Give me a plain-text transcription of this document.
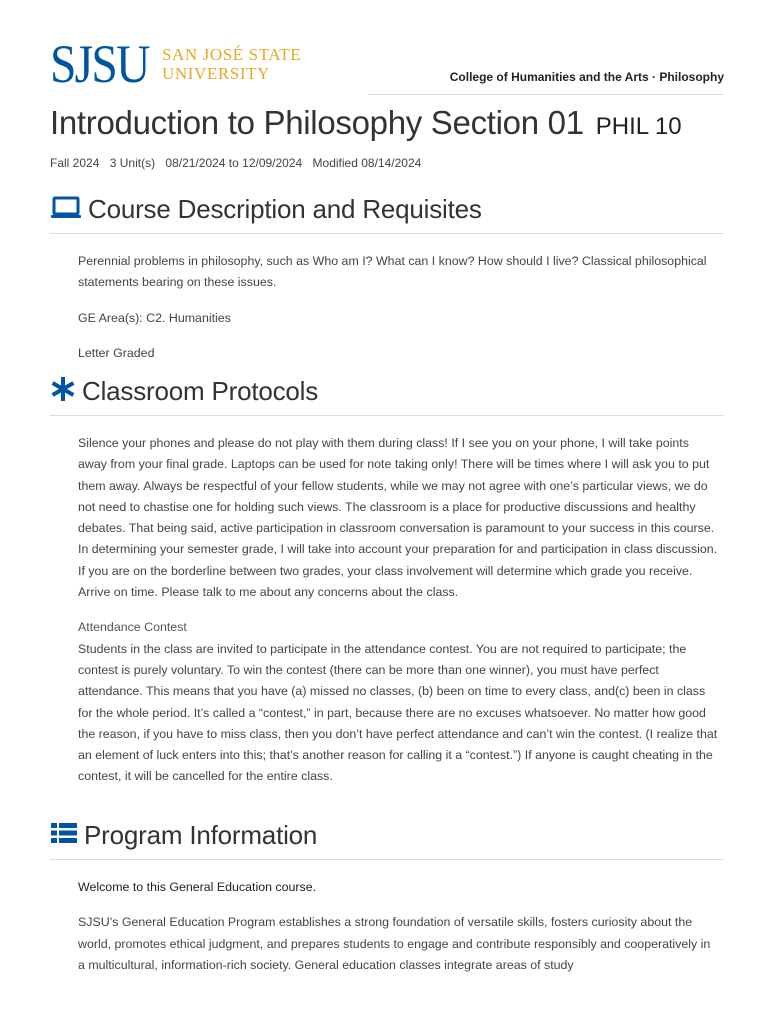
SJSU SAN JOSÉ STATE
UNIVERSITY	College of Humanities and the Arts · Philosophy
Introduction to Philosophy Section 01 PHIL 10
Fall 2024 3 Unit(s) 08/21/2024 to 12/09/2024 Modified 08/14/2024
Course Description and Requisites

Perennial problems in philosophy, such as Who am I? What can I know? How should I live? Classical philosophical statements bearing on these issues.

GE Area(s): C2. Humanities

Letter Graded

Classroom Protocols

Silence your phones and please do not play with them during class! If I see you on your phone, I will take points away from your final grade. Laptops can be used for note taking only! There will be times where I will ask you to put them away. Always be respectful of your fellow students, while we may not agree with one’s particular views, we do not need to chastise one for holding such views. The classroom is a place for productive discussions and healthy debates. That being said, active participation in classroom conversation is paramount to your success in this course. In determining your semester grade, I will take into account your preparation for and participation in class discussion. If you are on the borderline between two grades, your class involvement will determine which grade you receive. Arrive on time. Please talk to me about any concerns about the class.

Attendance Contest

Students in the class are invited to participate in the attendance contest. You are not required to participate; the contest is purely voluntary. To win the contest (there can be more than one winner), you must have perfect attendance. This means that you have (a) missed no classes, (b) been on time to every class, and(c) been in class for the whole period. It’s called a “contest,” in part, because there are no excuses whatsoever. No matter how good the reason, if you have to miss class, then you don’t have perfect attendance and can’t win the contest. (I realize that an element of luck enters into this; that’s another reason for calling it a “contest.”) If anyone is caught cheating in the contest, it will be cancelled for the entire class.

Program Information

Welcome to this General Education course.

SJSU’s General Education Program establishes a strong foundation of versatile skills, fosters curiosity about the world, promotes ethical judgment, and prepares students to engage and contribute responsibly and cooperatively in a multicultural, information-rich society. General education classes integrate areas of study
